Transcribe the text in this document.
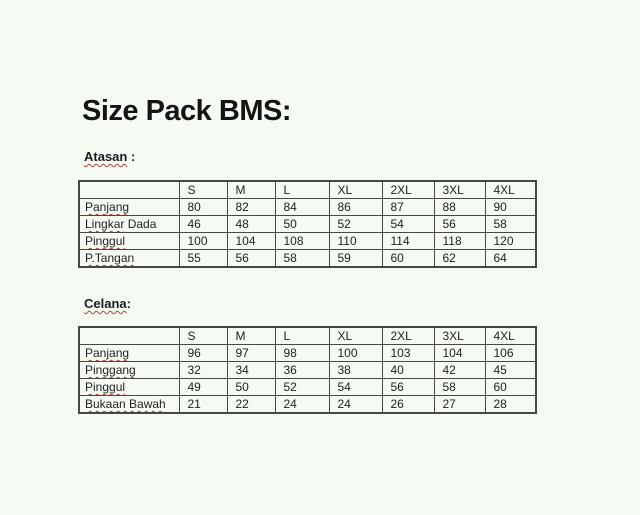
Size Pack BMS:
Atasan :
	S	M	L	XL	2XL	3XL	4XL
Panjang	80	82	84	86	87	88	90
Lingkar Dada	46	48	50	52	54	56	58
Pinggul	100	104	108	110	114	118	120
P.Tangan	55	56	58	59	60	62	64
Celana:
	S	M	L	XL	2XL	3XL	4XL
Panjang	96	97	98	100	103	104	106
Pinggang	32	34	36	38	40	42	45
Pinggul	49	50	52	54	56	58	60
Bukaan Bawah	21	22	24	24	26	27	28
